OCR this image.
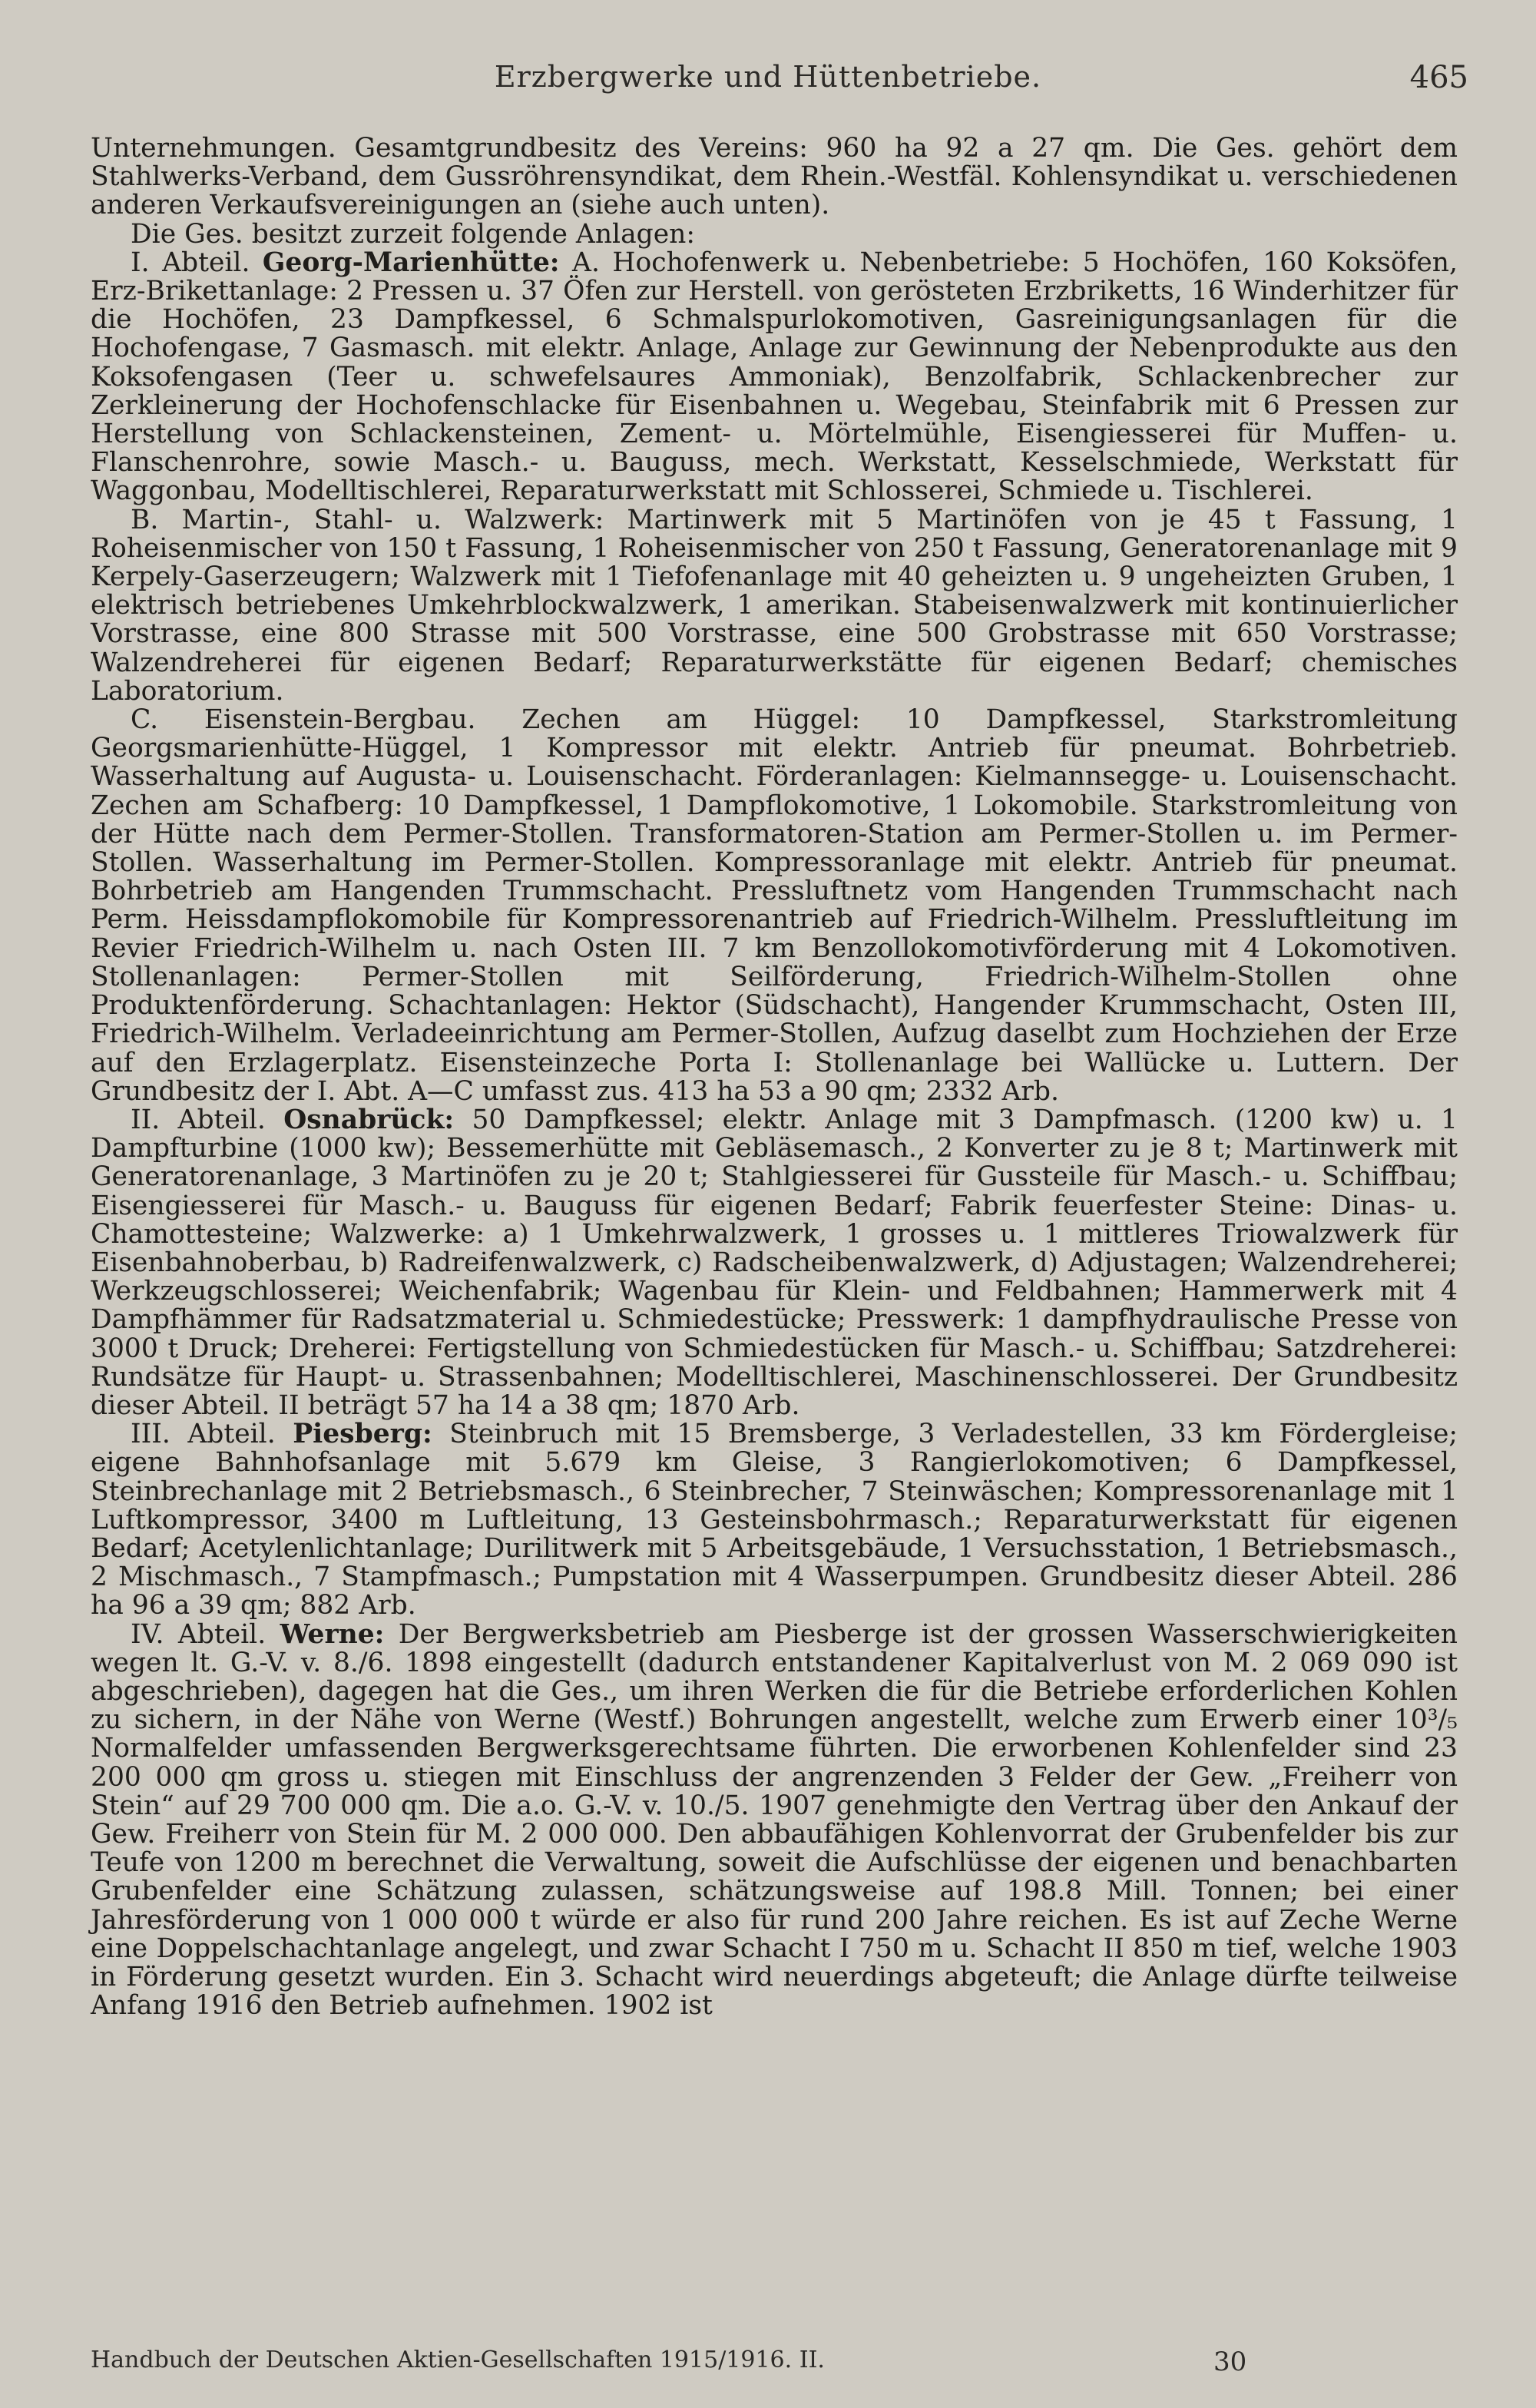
Erzbergwerke und Hüttenbetriebe.	465

Unternehmungen. Gesamtgrundbesitz des Vereins: 960 ha 92 a 27 qm. Die Ges. gehört dem Stahlwerks-Verband, dem Gussröhrensyndikat, dem Rhein.-Westfäl. Kohlensyndikat u. verschiedenen anderen Verkaufsvereinigungen an (siehe auch unten).

Die Ges. besitzt zurzeit folgende Anlagen:

I. Abteil. Georg-Marienhütte: A. Hochofenwerk u. Nebenbetriebe: 5 Hochöfen, 160 Koksöfen, Erz-Brikettanlage: 2 Pressen u. 37 Öfen zur Herstell. von gerösteten Erzbriketts, 16 Winderhitzer für die Hochöfen, 23 Dampfkessel, 6 Schmalspurlokomotiven, Gasreinigungsanlagen für die Hochofengase, 7 Gasmasch. mit elektr. Anlage, Anlage zur Gewinnung der Nebenprodukte aus den Koksofengasen (Teer u. schwefelsaures Ammoniak), Benzolfabrik, Schlackenbrecher zur Zerkleinerung der Hochofenschlacke für Eisenbahnen u. Wegebau, Steinfabrik mit 6 Pressen zur Herstellung von Schlackensteinen, Zement- u. Mörtelmühle, Eisengiesserei für Muffen- u. Flanschenrohre, sowie Masch.- u. Bauguss, mech. Werkstatt, Kesselschmiede, Werkstatt für Waggonbau, Modelltischlerei, Reparaturwerkstatt mit Schlosserei, Schmiede u. Tischlerei.

B. Martin-, Stahl- u. Walzwerk: Martinwerk mit 5 Martinöfen von je 45 t Fassung, 1 Roheisenmischer von 150 t Fassung, 1 Roheisenmischer von 250 t Fassung, Generatorenanlage mit 9 Kerpely-Gaserzeugern; Walzwerk mit 1 Tiefofenanlage mit 40 geheizten u. 9 ungeheizten Gruben, 1 elektrisch betriebenes Umkehrblockwalzwerk, 1 amerikan. Stabeisenwalzwerk mit kontinuierlicher Vorstrasse, eine 800 Strasse mit 500 Vorstrasse, eine 500 Grobstrasse mit 650 Vorstrasse; Walzendreherei für eigenen Bedarf; Reparaturwerkstätte für eigenen Bedarf; chemisches Laboratorium.

C. Eisenstein-Bergbau. Zechen am Hüggel: 10 Dampfkessel, Starkstromleitung Georgsmarienhütte-Hüggel, 1 Kompressor mit elektr. Antrieb für pneumat. Bohrbetrieb. Wasserhaltung auf Augusta- u. Louisenschacht. Förderanlagen: Kielmannsegge- u. Louisenschacht. Zechen am Schafberg: 10 Dampfkessel, 1 Dampflokomotive, 1 Lokomobile. Starkstromleitung von der Hütte nach dem Permer-Stollen. Transformatoren-Station am Permer-Stollen u. im Permer-Stollen. Wasserhaltung im Permer-Stollen. Kompressoranlage mit elektr. Antrieb für pneumat. Bohrbetrieb am Hangenden Trummschacht. Pressluftnetz vom Hangenden Trummschacht nach Perm. Heissdampflokomobile für Kompressorenantrieb auf Friedrich-Wilhelm. Pressluftleitung im Revier Friedrich-Wilhelm u. nach Osten III. 7 km Benzollokomotivförderung mit 4 Lokomotiven. Stollenanlagen: Permer-Stollen mit Seilförderung, Friedrich-Wilhelm-Stollen ohne Produktenförderung. Schachtanlagen: Hektor (Südschacht), Hangender Krummschacht, Osten III, Friedrich-Wilhelm. Verladeeinrichtung am Permer-Stollen, Aufzug daselbt zum Hochziehen der Erze auf den Erzlagerplatz. Eisensteinzeche Porta I: Stollenanlage bei Wallücke u. Luttern. Der Grundbesitz der I. Abt. A—C umfasst zus. 413 ha 53 a 90 qm; 2332 Arb.

II. Abteil. Osnabrück: 50 Dampfkessel; elektr. Anlage mit 3 Dampfmasch. (1200 kw) u. 1 Dampfturbine (1000 kw); Bessemerhütte mit Gebläsemasch., 2 Konverter zu je 8 t; Martinwerk mit Generatorenanlage, 3 Martinöfen zu je 20 t; Stahlgiesserei für Gussteile für Masch.- u. Schiffbau; Eisengiesserei für Masch.- u. Bauguss für eigenen Bedarf; Fabrik feuerfester Steine: Dinas- u. Chamottesteine; Walzwerke: a) 1 Umkehrwalzwerk, 1 grosses u. 1 mittleres Triowalzwerk für Eisenbahnoberbau, b) Radreifenwalzwerk, c) Radscheibenwalzwerk, d) Adjustagen; Walzendreherei; Werkzeugschlosserei; Weichenfabrik; Wagenbau für Klein- und Feldbahnen; Hammerwerk mit 4 Dampfhämmer für Radsatzmaterial u. Schmiedestücke; Presswerk: 1 dampfhydraulische Presse von 3000 t Druck; Dreherei: Fertigstellung von Schmiedestücken für Masch.- u. Schiffbau; Satzdreherei: Rundsätze für Haupt- u. Strassenbahnen; Modelltischlerei, Maschinenschlosserei. Der Grundbesitz dieser Abteil. II beträgt 57 ha 14 a 38 qm; 1870 Arb.

III. Abteil. Piesberg: Steinbruch mit 15 Bremsberge, 3 Verladestellen, 33 km Fördergleise; eigene Bahnhofsanlage mit 5.679 km Gleise, 3 Rangierlokomotiven; 6 Dampfkessel, Steinbrechanlage mit 2 Betriebsmasch., 6 Steinbrecher, 7 Steinwäschen; Kompressorenanlage mit 1 Luftkompressor, 3400 m Luftleitung, 13 Gesteinsbohrmasch.; Reparaturwerkstatt für eigenen Bedarf; Acetylenlichtanlage; Durilitwerk mit 5 Arbeitsgebäude, 1 Versuchsstation, 1 Betriebsmasch., 2 Mischmasch., 7 Stampfmasch.; Pumpstation mit 4 Wasserpumpen. Grundbesitz dieser Abteil. 286 ha 96 a 39 qm; 882 Arb.

IV. Abteil. Werne: Der Bergwerksbetrieb am Piesberge ist der grossen Wasserschwierigkeiten wegen lt. G.-V. v. 8./6. 1898 eingestellt (dadurch entstandener Kapitalverlust von M. 2 069 090 ist abgeschrieben), dagegen hat die Ges., um ihren Werken die für die Betriebe erforderlichen Kohlen zu sichern, in der Nähe von Werne (Westf.) Bohrungen angestellt, welche zum Erwerb einer 10³/₅ Normalfelder umfassenden Bergwerksgerechtsame führten. Die erworbenen Kohlenfelder sind 23 200 000 qm gross u. stiegen mit Einschluss der angrenzenden 3 Felder der Gew. „Freiherr von Stein“ auf 29 700 000 qm. Die a.o. G.-V. v. 10./5. 1907 genehmigte den Vertrag über den Ankauf der Gew. Freiherr von Stein für M. 2 000 000. Den abbaufähigen Kohlenvorrat der Grubenfelder bis zur Teufe von 1200 m berechnet die Verwaltung, soweit die Aufschlüsse der eigenen und benachbarten Grubenfelder eine Schätzung zulassen, schätzungsweise auf 198.8 Mill. Tonnen; bei einer Jahresförderung von 1 000 000 t würde er also für rund 200 Jahre reichen. Es ist auf Zeche Werne eine Doppelschachtanlage angelegt, und zwar Schacht I 750 m u. Schacht II 850 m tief, welche 1903 in Förderung gesetzt wurden. Ein 3. Schacht wird neuerdings abgeteuft; die Anlage dürfte teilweise Anfang 1916 den Betrieb aufnehmen. 1902 ist

Handbuch der Deutschen Aktien-Gesellschaften 1915/1916. II.	30
